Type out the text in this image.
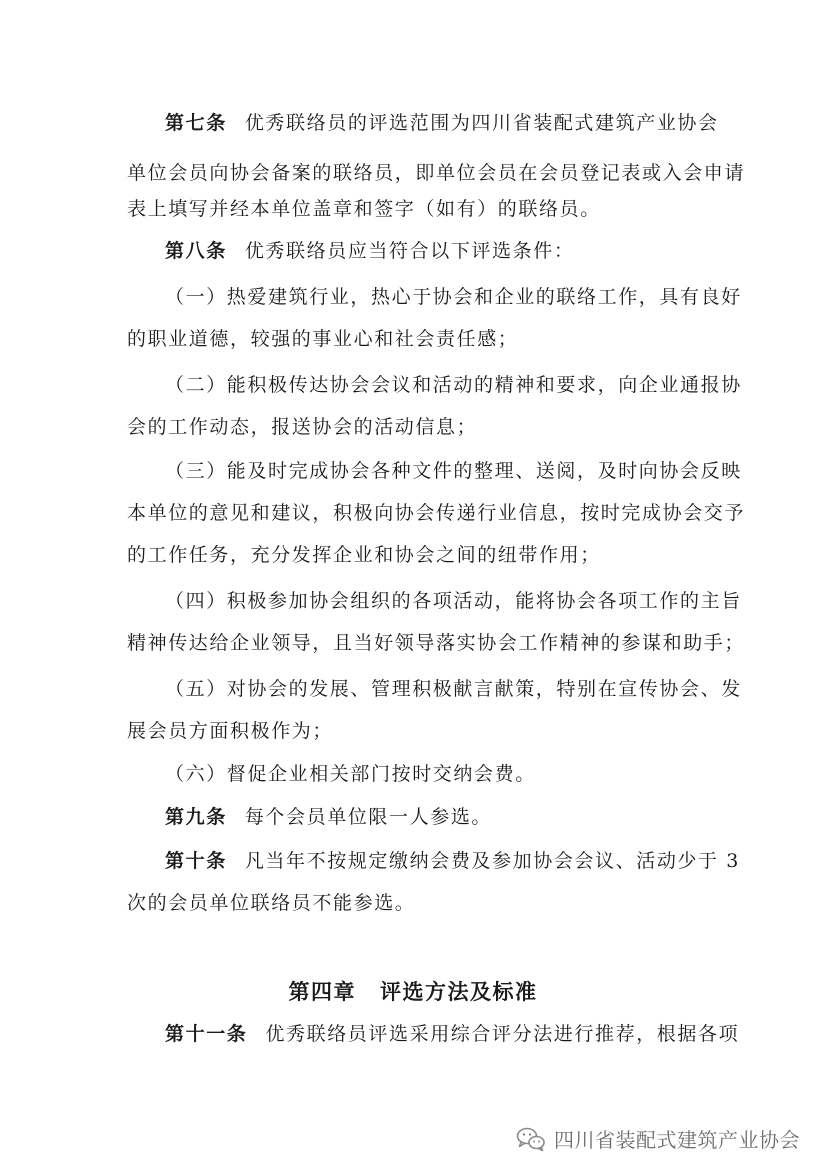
第七条 优秀联络员的评选范围为四川省装配式建筑产业协会
单位会员向协会备案的联络员，即单位会员在会员登记表或入会申请
表上填写并经本单位盖章和签字（如有）的联络员。
第八条 优秀联络员应当符合以下评选条件：
（一）热爱建筑行业，热心于协会和企业的联络工作，具有良好
的职业道德，较强的事业心和社会责任感；
（二）能积极传达协会会议和活动的精神和要求，向企业通报协
会的工作动态，报送协会的活动信息；
（三）能及时完成协会各种文件的整理、送阅，及时向协会反映
本单位的意见和建议，积极向协会传递行业信息，按时完成协会交予
的工作任务，充分发挥企业和协会之间的纽带作用；
（四）积极参加协会组织的各项活动，能将协会各项工作的主旨
精神传达给企业领导，且当好领导落实协会工作精神的参谋和助手；
（五）对协会的发展、管理积极献言献策，特别在宣传协会、发
展会员方面积极作为；
（六）督促企业相关部门按时交纳会费。
第九条 每个会员单位限一人参选。
第十条 凡当年不按规定缴纳会费及参加协会会议、活动少于 3
次的会员单位联络员不能参选。
第四章 评选方法及标准
第十一条 优秀联络员评选采用综合评分法进行推荐，根据各项
四川省装配式建筑产业协会
